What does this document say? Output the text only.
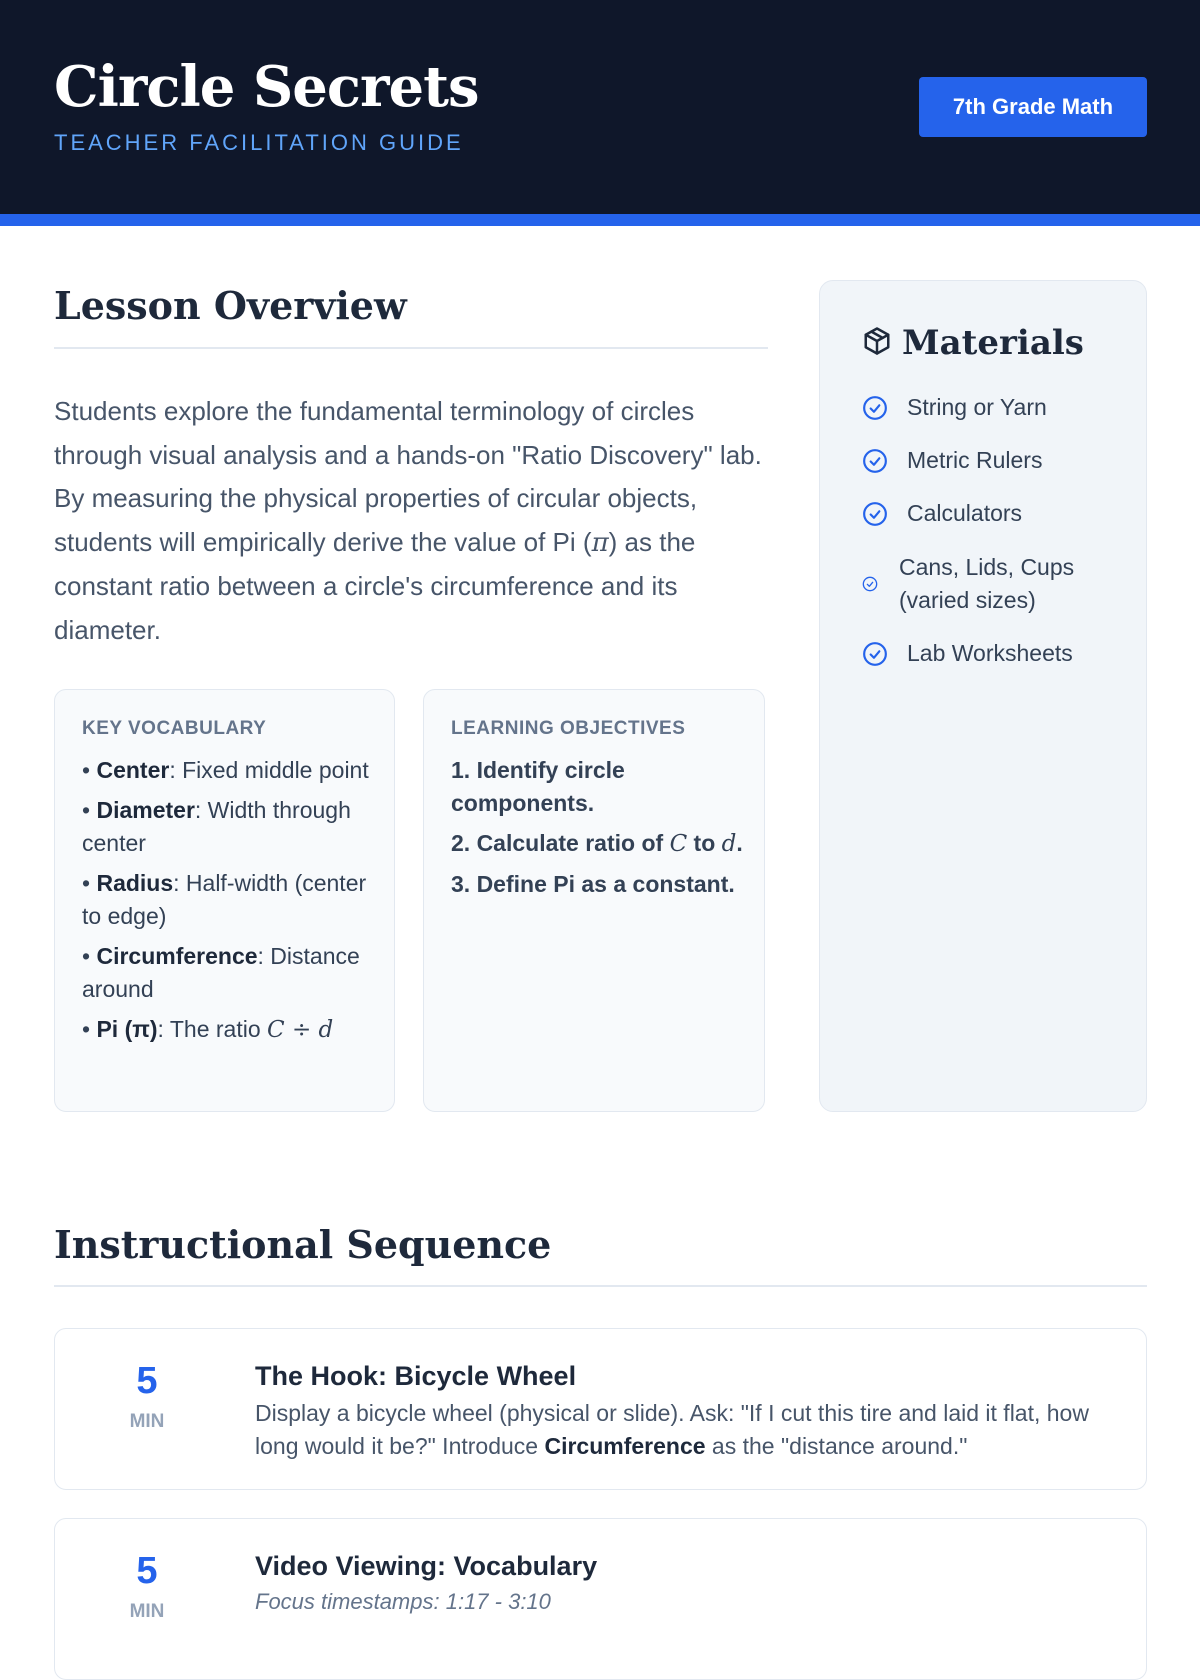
Circle Secrets
TEACHER FACILITATION GUIDE
7th Grade Math
Lesson Overview
Students explore the fundamental terminology of circles through visual analysis and a hands-on "Ratio Discovery" lab. By measuring the physical properties of circular objects, students will empirically derive the value of Pi (π) as the constant ratio between a circle's circumference and its diameter.
KEY VOCABULARY
• Center: Fixed middle point
• Diameter: Width through center
• Radius: Half-width (center to edge)
• Circumference: Distance around
• Pi (π): The ratio C ÷ d
LEARNING OBJECTIVES
1. Identify circle components.
2. Calculate ratio of C to d.
3. Define Pi as a constant.
Materials
String or Yarn
Metric Rulers
Calculators
Cans, Lids, Cups (varied sizes)
Lab Worksheets
Instructional Sequence
5
MIN
The Hook: Bicycle Wheel
Display a bicycle wheel (physical or slide). Ask: "If I cut this tire and laid it flat, how long would it be?" Introduce Circumference as the "distance around."
5
MIN
Video Viewing: Vocabulary
Focus timestamps: 1:17 - 3:10
